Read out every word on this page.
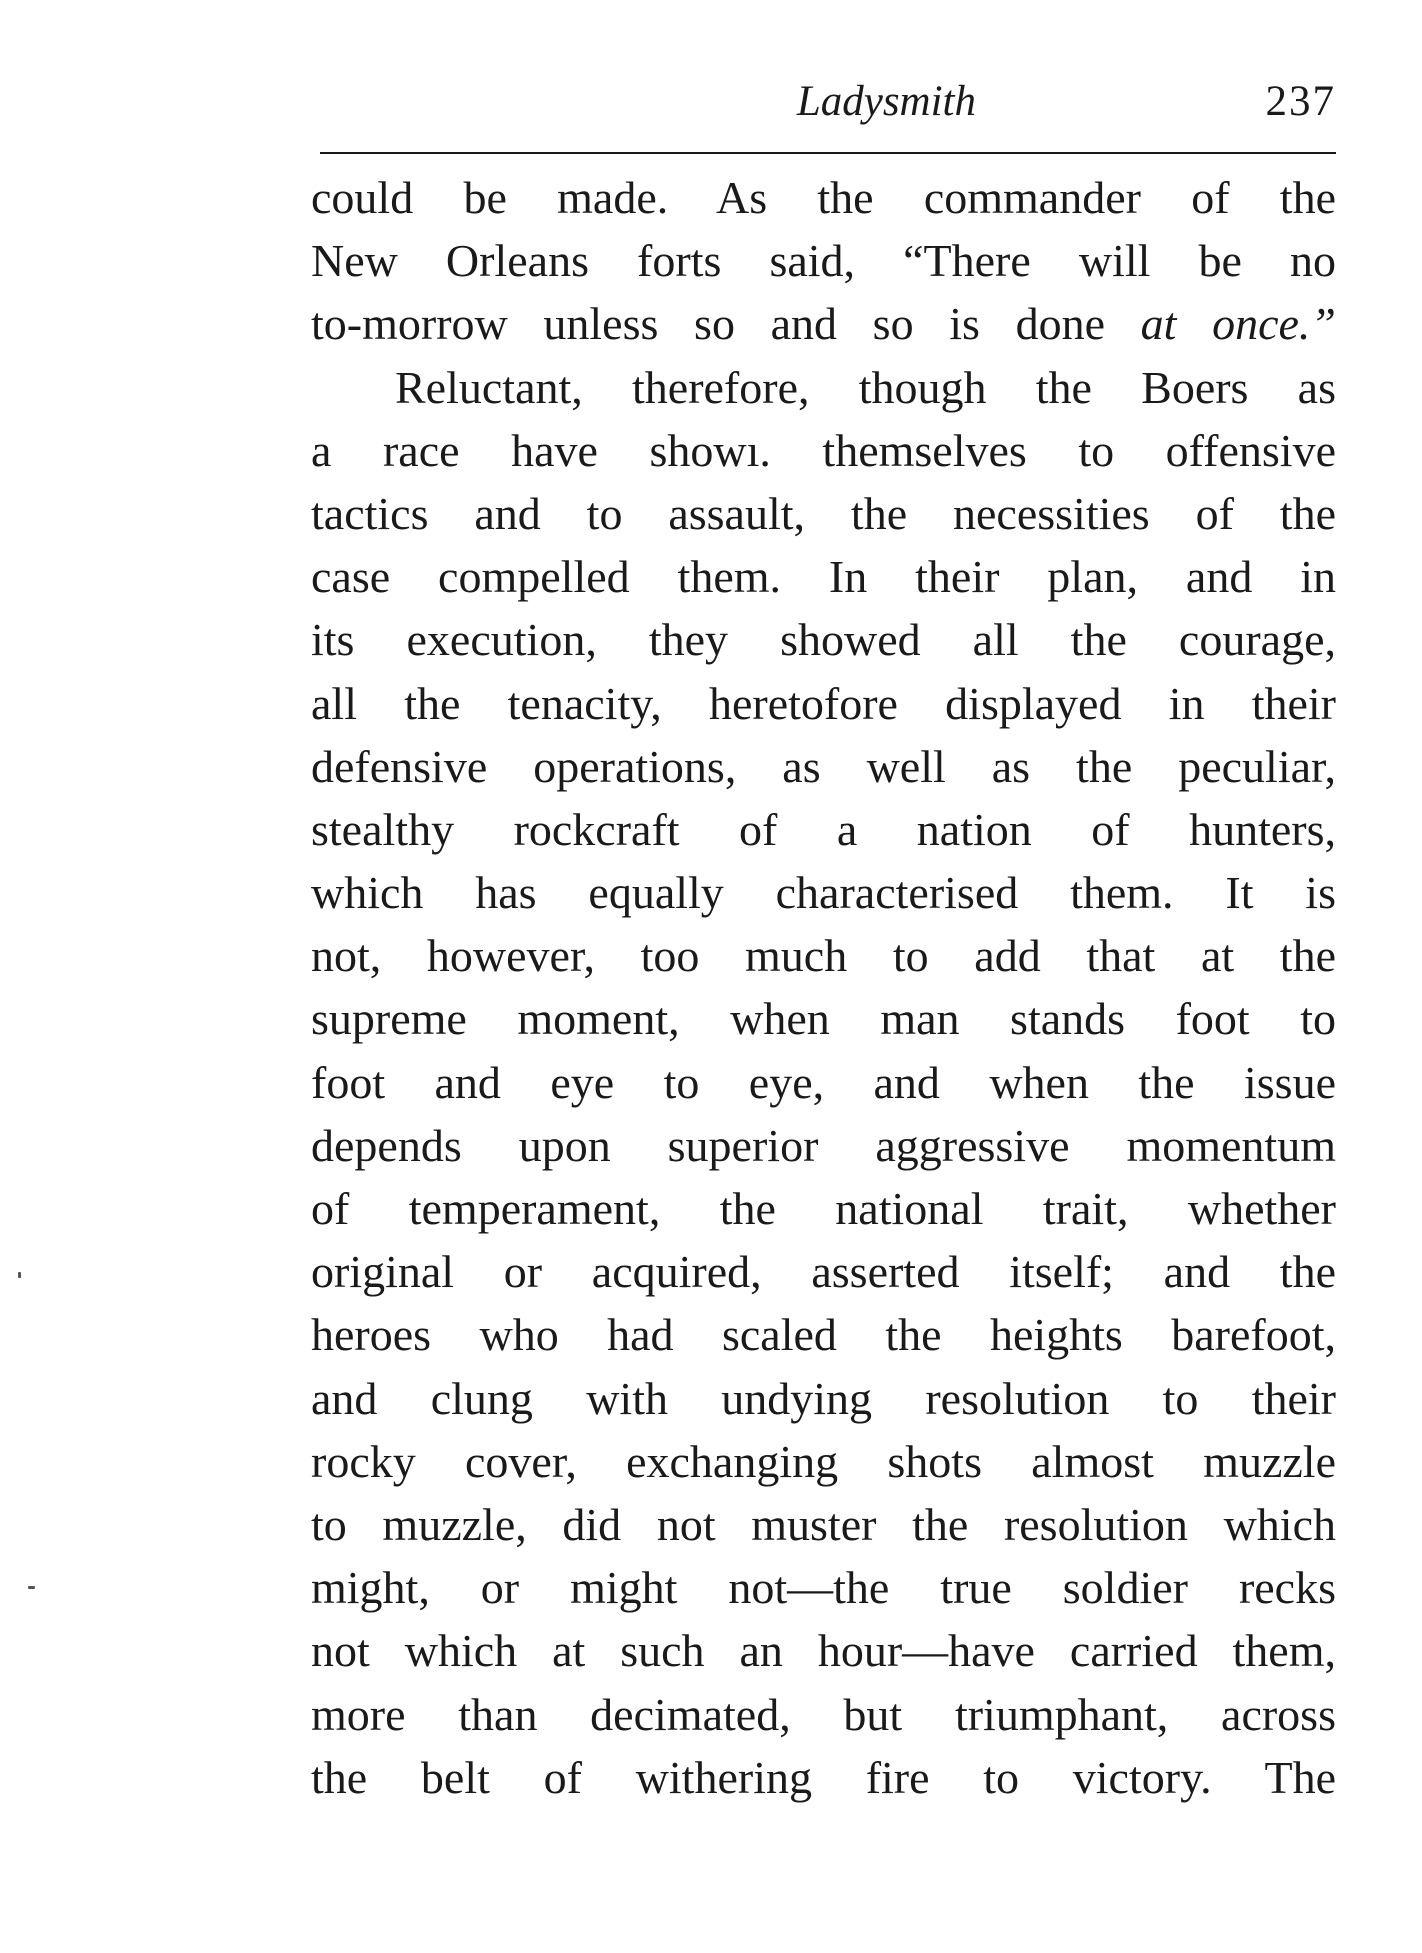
Ladysmith	237
could be made. As the commander of the
New Orleans forts said, “There will be no
to-morrow unless so and so is done at once.”
Reluctant, therefore, though the Boers as
a race have showı. themselves to offensive
tactics and to assault, the necessities of the
case compelled them. In their plan, and in
its execution, they showed all the courage,
all the tenacity, heretofore displayed in their
defensive operations, as well as the peculiar,
stealthy rockcraft of a nation of hunters,
which has equally characterised them. It is
not, however, too much to add that at the
supreme moment, when man stands foot to
foot and eye to eye, and when the issue
depends upon superior aggressive momentum
of temperament, the national trait, whether
original or acquired, asserted itself; and the
heroes who had scaled the heights barefoot,
and clung with undying resolution to their
rocky cover, exchanging shots almost muzzle
to muzzle, did not muster the resolution which
might, or might not—the true soldier recks
not which at such an hour—have carried them,
more than decimated, but triumphant, across
the belt of withering fire to victory. The
